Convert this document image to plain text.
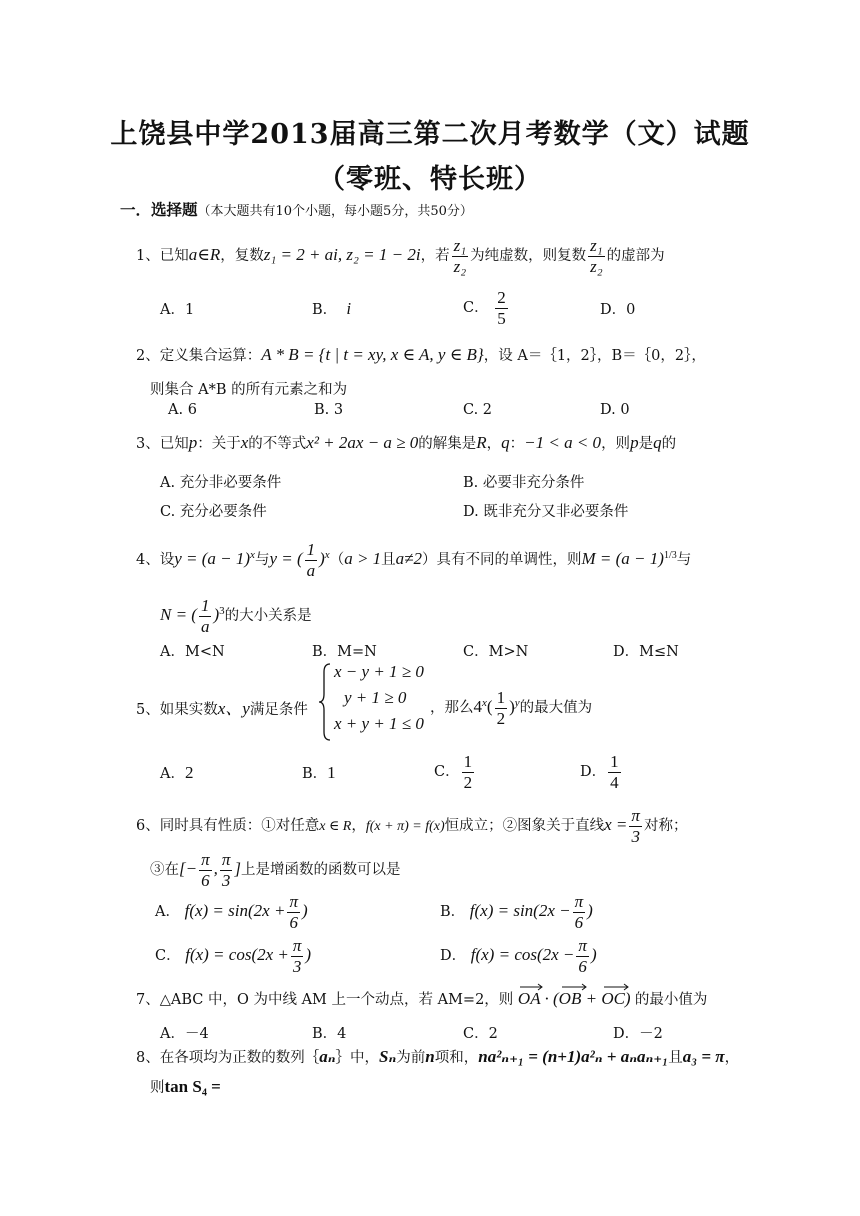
上饶县中学2013届高三第二次月考数学（文）试题
（零班、特长班）
一．选择题（本大题共有10个小题，每小题5分，共50分）
1、已知a∈R，复数z₁ = 2 + ai, z₂ = 1 − 2i，若 $\frac{\text{z₁}}{\text{z₂}}$ 为纯虚数，则复数 $\frac{\text{z₁}}{\text{z₂}}$ 的虚部为
A．1	B． i	C． $\frac{2}{5}$	D．0
2、定义集合运算：A * B = {t | t = xy, x ∈ A, y ∈ B}，设 A＝｛1，2｝，B＝｛0，2｝，
则集合 A*B 的所有元素之和为
A. 6	B. 3	C. 2	D. 0
3、已知p：关于x的不等式x² + 2ax − a ≥ 0的解集是R，q：−1 < a < 0，则p是q的
A. 充分非必要条件	B. 必要非充分条件
C. 充分必要条件	D. 既非充分又非必要条件
4、设$y = (a - 1)^x$与y = ( $\frac{1}{a} )^x(a > 1$且a≠2）具有不同的单调性，则$M = (a - 1)^{1/3}$与
N = ( $\frac{1}{a} )^3$的大小关系是
A．M<N	B．M=N	C．M>N	D．M≤N
5、如果实数x、y满足条件
x − y + 1 ≥ 0
y + 1 ≥ 0
x + y + 1 ≤ 0
，那么$4^x( \frac{1}{2} )^y$的最大值为
A．2	B．1	C． $\frac{1}{2}$	D． $\frac{1}{4}$
6、同时具有性质：①对任意x ∈ R，f(x + π) = f(x)恒成立；②图象关于直线$x = \frac{\pi}{3}$ 对称；
③在[− $\frac{\pi}{6}$ , $\frac{\pi}{3}$ ]上是增函数的函数可以是
A． $f(x) = \sin(2x + \frac{\pi}{6}$ )	B． $f(x) = \sin(2x - \frac{\pi}{6}$ )
C． $f(x) = \cos(2x + \frac{\pi}{3}$ )	D． $f(x) = \cos(2x - \frac{\pi}{6}$ )
7、△ABC 中，O 为中线 AM 上一个动点，若 AM=2，则 OA · (OB + OC) 的最小值为
A．－4	B．4	C．2	D．－2
8、在各项均为正数的数列｛aₙ｝中，Sₙ为前n项和，na²ₙ₊₁ = (n+1)a²ₙ + aₙaₙ₊₁且a₃ = π，
则tan S₄ =
